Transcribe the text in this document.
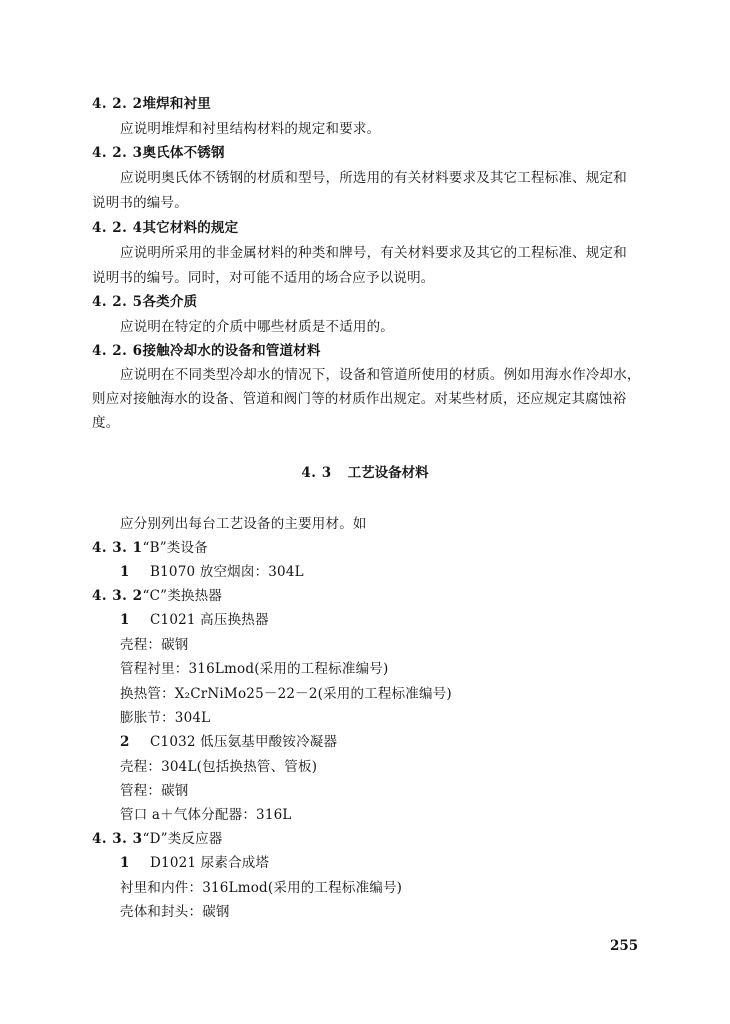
4. 2. 2堆焊和衬里
应说明堆焊和衬里结构材料的规定和要求。
4. 2. 3奥氏体不锈钢
应说明奥氏体不锈钢的材质和型号，所选用的有关材料要求及其它工程标准、规定和
说明书的编号。
4. 2. 4其它材料的规定
应说明所采用的非金属材料的种类和牌号，有关材料要求及其它的工程标准、规定和
说明书的编号。同时，对可能不适用的场合应予以说明。
4. 2. 5各类介质
应说明在特定的介质中哪些材质是不适用的。
4. 2. 6接触冷却水的设备和管道材料
应说明在不同类型冷却水的情况下，设备和管道所使用的材质。例如用海水作冷却水，
则应对接触海水的设备、管道和阀门等的材质作出规定。对某些材质，还应规定其腐蚀裕
度。
4. 3 工艺设备材料
应分别列出每台工艺设备的主要用材。如
4. 3. 1“B”类设备
1 B1070 放空烟囱：304L
4. 3. 2“C”类换热器
1 C1021 高压换热器
壳程：碳钢
管程衬里：316Lmod(采用的工程标准编号)
换热管：X₂CrNiMo25－22－2(采用的工程标准编号)
膨胀节：304L
2 C1032 低压氨基甲酸铵冷凝器
壳程：304L(包括换热管、管板)
管程：碳钢
管口 a＋气体分配器：316L
4. 3. 3“D”类反应器
1 D1021 尿素合成塔
衬里和内件：316Lmod(采用的工程标准编号)
壳体和封头：碳钢
255
